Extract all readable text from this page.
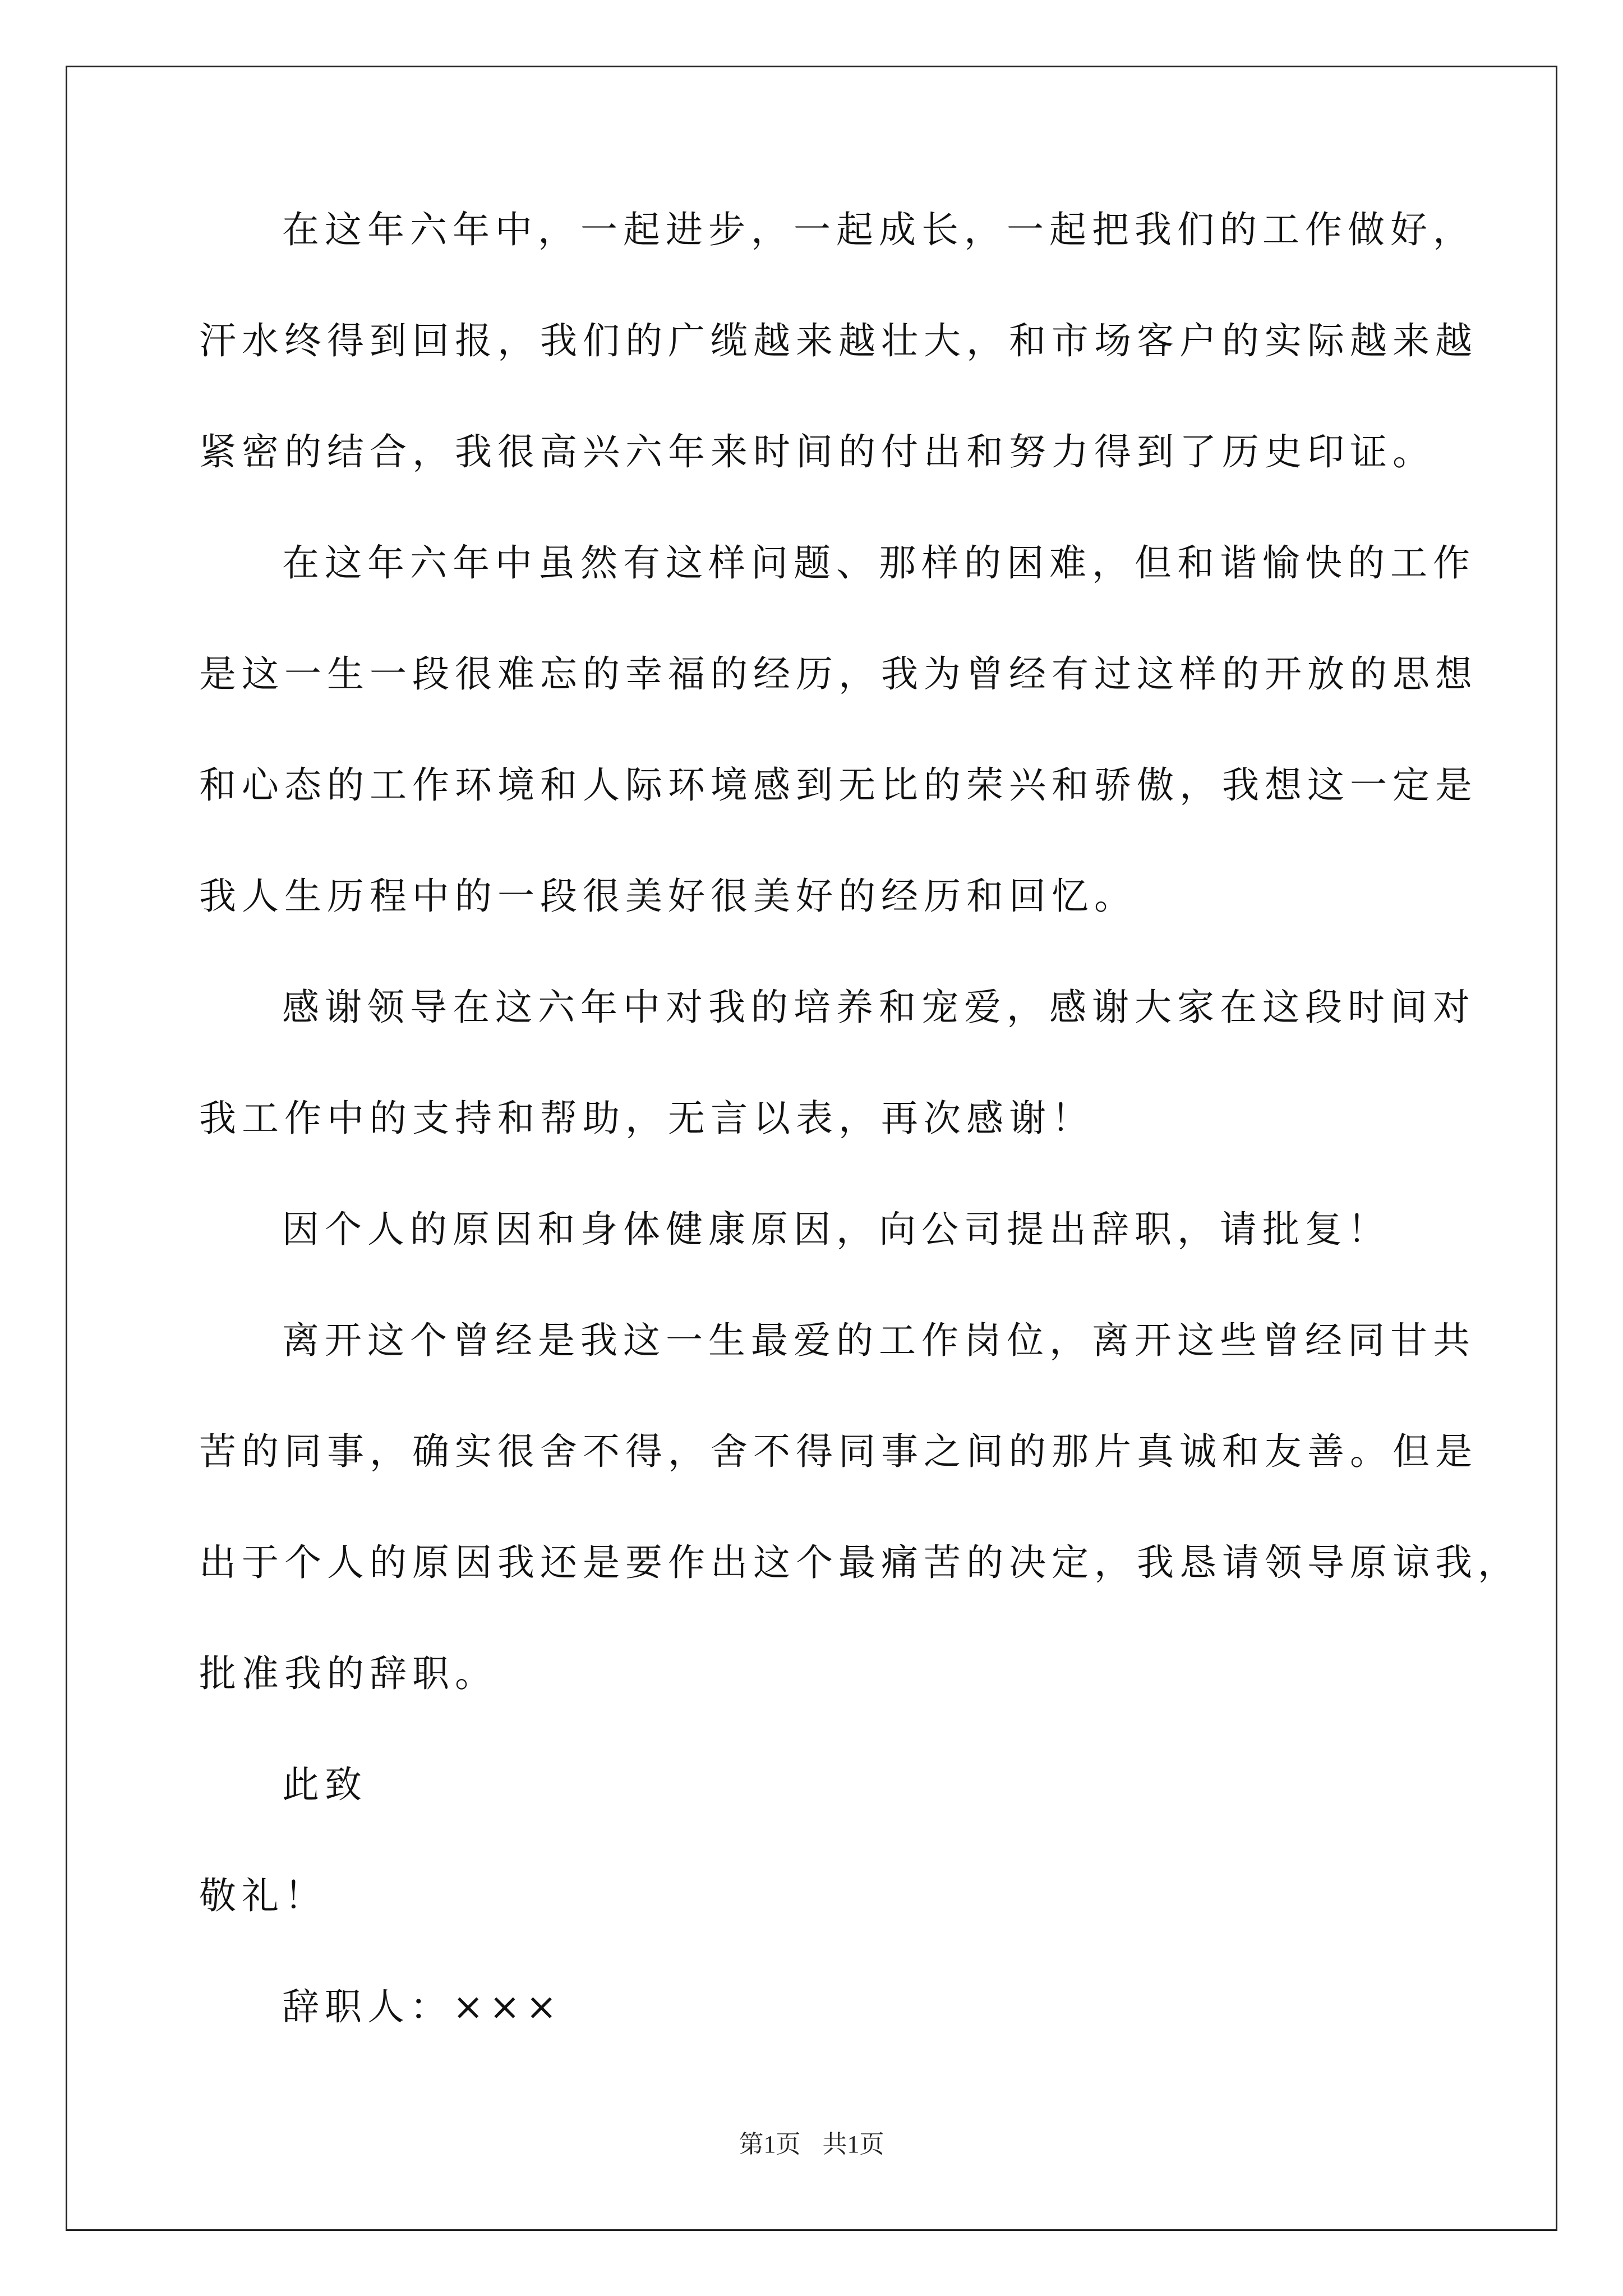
在这年六年中，一起进步，一起成长，一起把我们的工作做好，
汗水终得到回报，我们的广缆越来越壮大，和市场客户的实际越来越
紧密的结合，我很高兴六年来时间的付出和努力得到了历史印证。
在这年六年中虽然有这样问题、那样的困难，但和谐愉快的工作
是这一生一段很难忘的幸福的经历，我为曾经有过这样的开放的思想
和心态的工作环境和人际环境感到无比的荣兴和骄傲，我想这一定是
我人生历程中的一段很美好很美好的经历和回忆。
感谢领导在这六年中对我的培养和宠爱，感谢大家在这段时间对
我工作中的支持和帮助，无言以表，再次感谢！
因个人的原因和身体健康原因，向公司提出辞职，请批复！
离开这个曾经是我这一生最爱的工作岗位，离开这些曾经同甘共
苦的同事，确实很舍不得，舍不得同事之间的那片真诚和友善。但是
出于个人的原因我还是要作出这个最痛苦的决定，我恳请领导原谅我，
批准我的辞职。
此致
敬礼！
辞职人：×××
第1页 共1页
